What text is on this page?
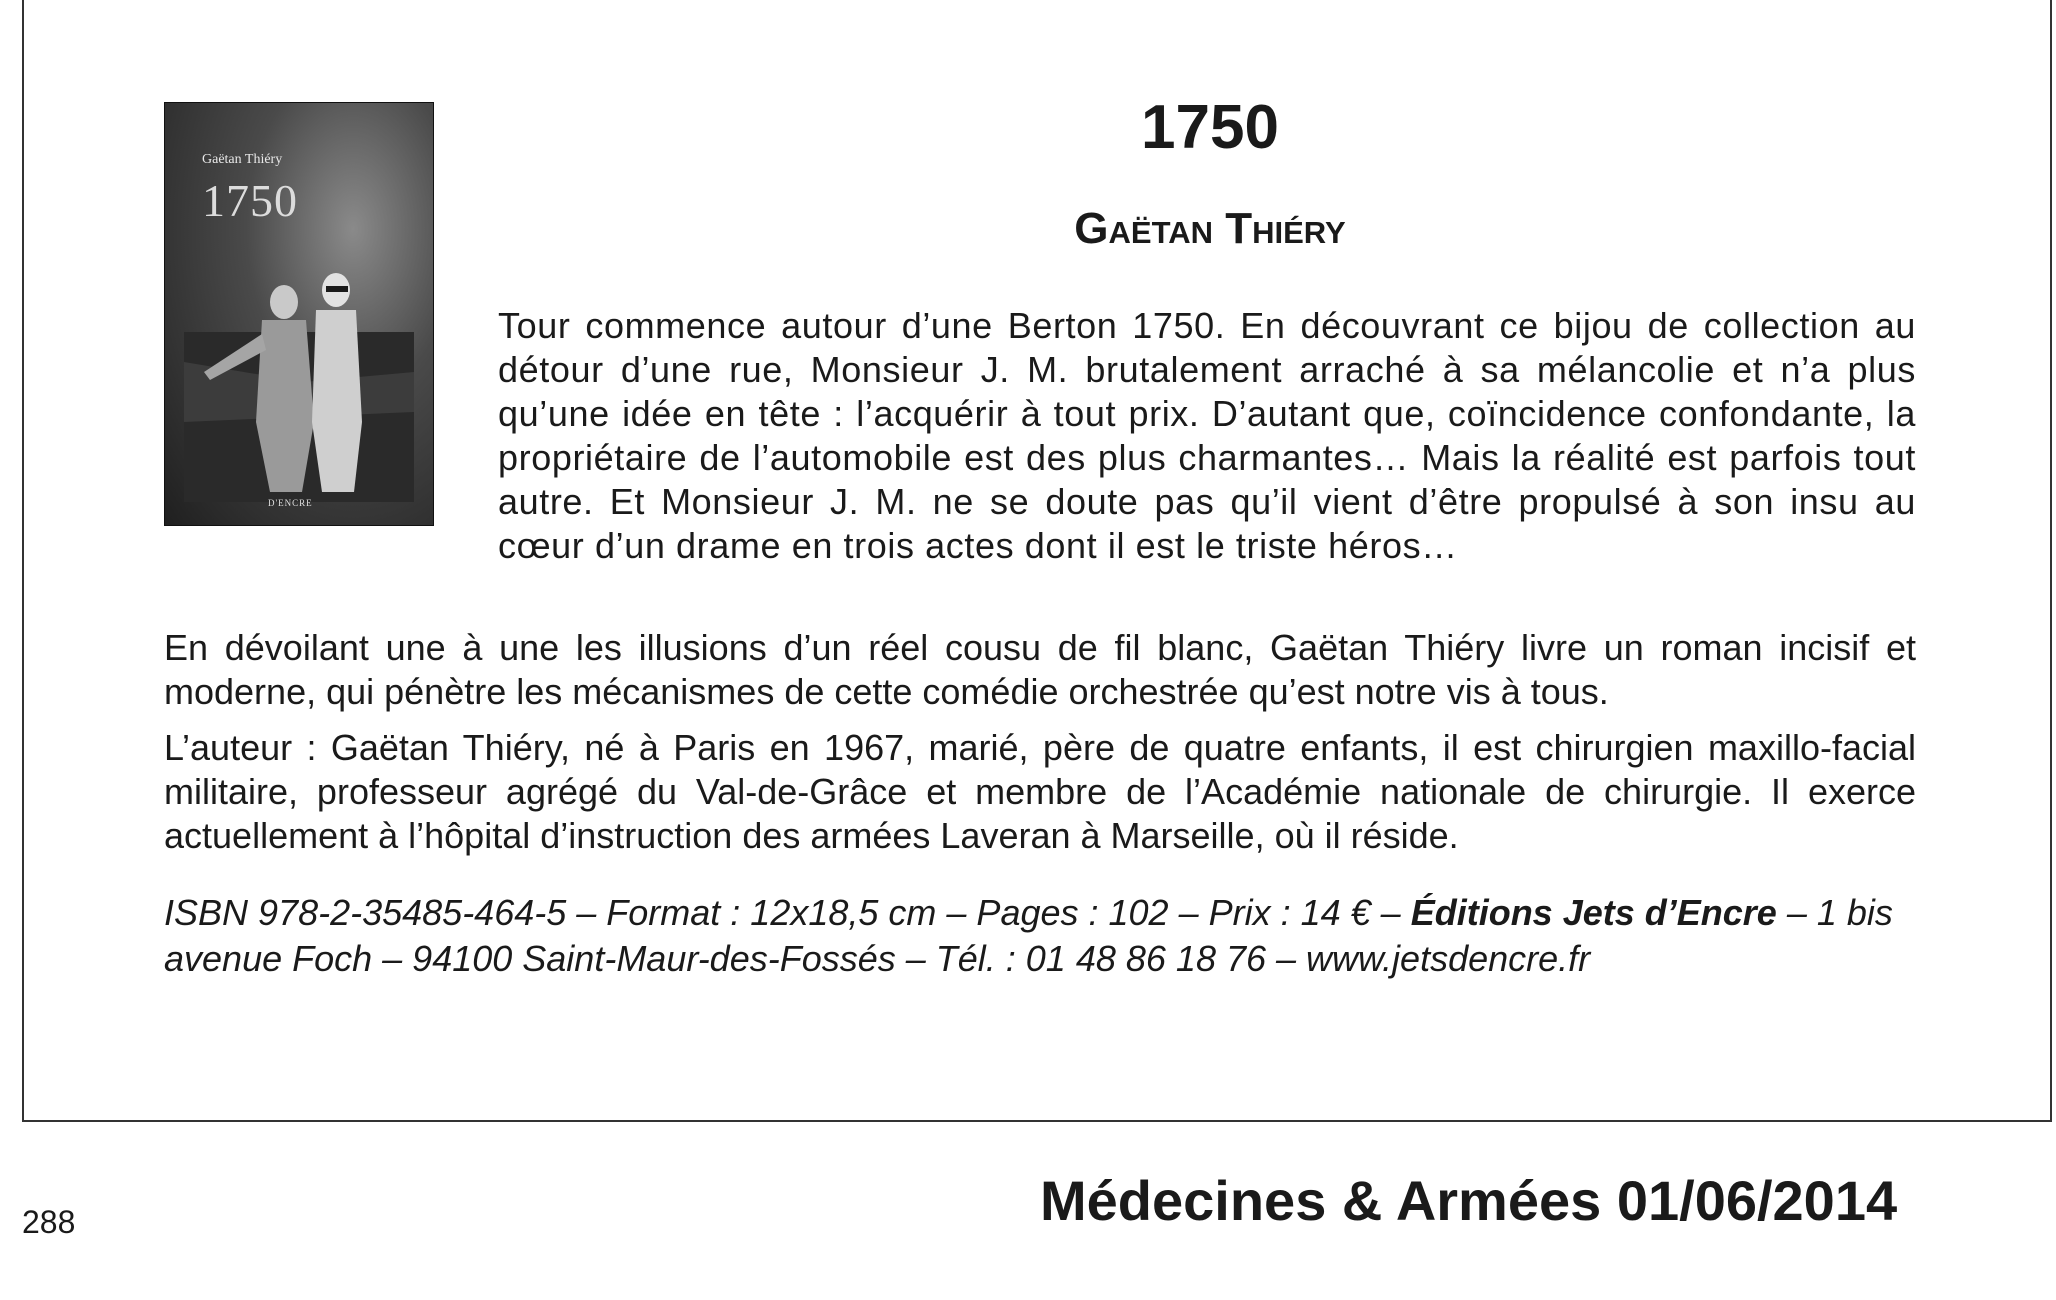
Gaëtan Thiéry
1750
D'ENCRE
1750
Gaëtan Thiéry

Tour commence autour d’une Berton 1750. En découvrant ce bijou de collection au détour d’une rue, Monsieur J. M. brutalement arraché à sa mélancolie et n’a plus qu’une idée en tête : l’acquérir à tout prix. D’autant que, coïncidence confondante, la propriétaire de l’automobile est des plus charmantes… Mais la réalité est parfois tout autre. Et Monsieur J. M. ne se doute pas qu’il vient d’être propulsé à son insu au cœur d’un drame en trois actes dont il est le triste héros…

En dévoilant une à une les illusions d’un réel cousu de fil blanc, Gaëtan Thiéry livre un roman incisif et moderne, qui pénètre les mécanismes de cette comédie orchestrée qu’est notre vis à tous.

L’auteur : Gaëtan Thiéry, né à Paris en 1967, marié, père de quatre enfants, il est chirurgien maxillo-facial militaire, professeur agrégé du Val-de-Grâce et membre de l’Académie nationale de chirurgie. Il exerce actuellement à l’hôpital d’instruction des armées Laveran à Marseille, où il réside.

ISBN 978-2-35485-464-5 – Format : 12x18,5 cm – Pages : 102 – Prix : 14 € – Éditions Jets d’Encre – 1 bis avenue Foch – 94100 Saint-Maur-des-Fossés – Tél. : 01 48 86 18 76 – www.jetsdencre.fr

288	Médecines & Armées 01/06/2014
